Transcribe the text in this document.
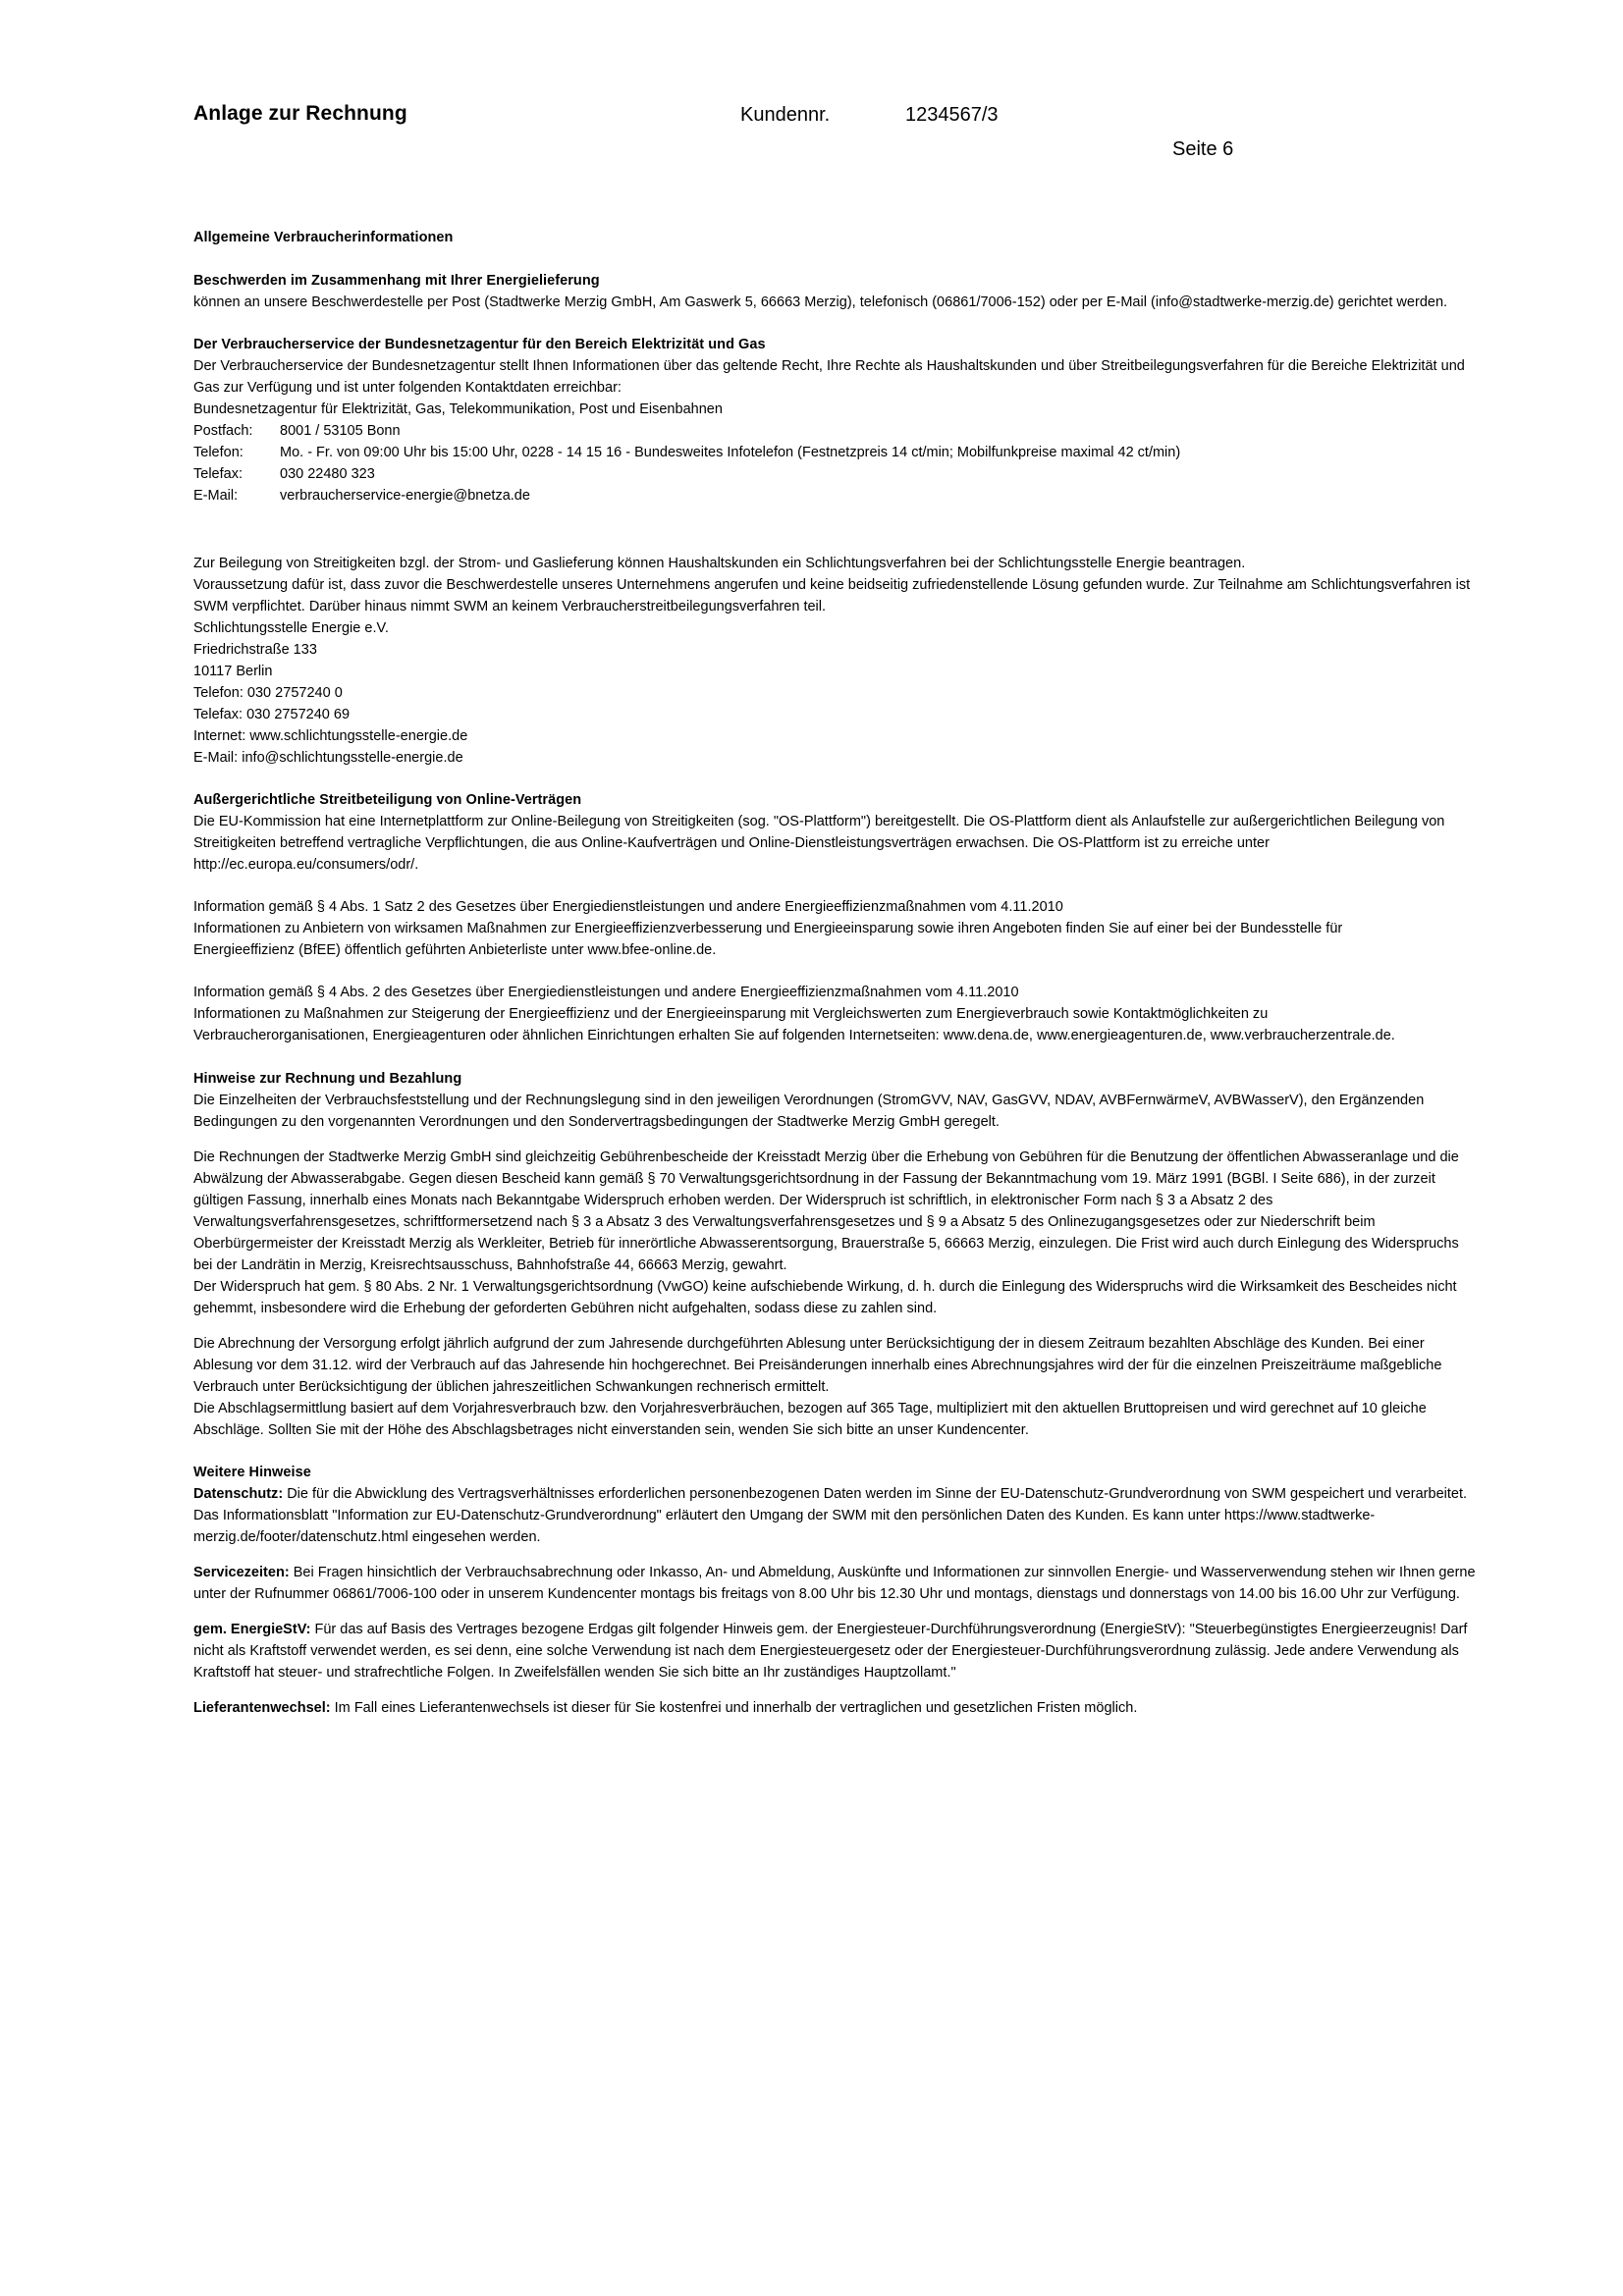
Anlage zur Rechnung	Kundennr.	1234567/3
Seite 6
Allgemeine Verbraucherinformationen
Beschwerden im Zusammenhang mit Ihrer Energielieferung

können an unsere Beschwerdestelle per Post (Stadtwerke Merzig GmbH, Am Gaswerk 5, 66663 Merzig), telefonisch (06861/7006-152) oder per E-Mail (info@stadtwerke-merzig.de) gerichtet werden.

Der Verbraucherservice der Bundesnetzagentur für den Bereich Elektrizität und Gas

Der Verbraucherservice der Bundesnetzagentur stellt Ihnen Informationen über das geltende Recht, Ihre Rechte als Haushaltskunden und über Streitbeilegungsverfahren für die Bereiche Elektrizität und Gas zur Verfügung und ist unter folgenden Kontaktdaten erreichbar:

Bundesnetzagentur für Elektrizität, Gas, Telekommunikation, Post und Eisenbahnen

Postfach:	8001 / 53105 Bonn
Telefon:	Mo. - Fr. von 09:00 Uhr bis 15:00 Uhr, 0228 - 14 15 16 - Bundesweites Infotelefon (Festnetzpreis 14 ct/min; Mobilfunkpreise maximal 42 ct/min)
Telefax:	030 22480 323
E-Mail:	verbraucherservice-energie@bnetza.de

Zur Beilegung von Streitigkeiten bzgl. der Strom- und Gaslieferung können Haushaltskunden ein Schlichtungsverfahren bei der Schlichtungsstelle Energie beantragen.

Voraussetzung dafür ist, dass zuvor die Beschwerdestelle unseres Unternehmens angerufen und keine beidseitig zufriedenstellende Lösung gefunden wurde. Zur Teilnahme am Schlichtungsverfahren ist SWM verpflichtet. Darüber hinaus nimmt SWM an keinem Verbraucherstreitbeilegungsverfahren teil.

Schlichtungsstelle Energie e.V.

Friedrichstraße 133

10117 Berlin

Telefon: 030 2757240 0

Telefax: 030 2757240 69

Internet: www.schlichtungsstelle-energie.de

E-Mail: info@schlichtungsstelle-energie.de

Außergerichtliche Streitbeteiligung von Online-Verträgen

Die EU-Kommission hat eine Internetplattform zur Online-Beilegung von Streitigkeiten (sog. "OS-Plattform") bereitgestellt. Die OS-Plattform dient als Anlaufstelle zur außergerichtlichen Beilegung von Streitigkeiten betreffend vertragliche Verpflichtungen, die aus Online-Kaufverträgen und Online-Dienstleistungsverträgen erwachsen. Die OS-Plattform ist zu erreiche unter http://ec.europa.eu/consumers/odr/.

Information gemäß § 4 Abs. 1 Satz 2 des Gesetzes über Energiedienstleistungen und andere Energieeffizienzmaßnahmen vom 4.11.2010

Informationen zu Anbietern von wirksamen Maßnahmen zur Energieeffizienzverbesserung und Energieeinsparung sowie ihren Angeboten finden Sie auf einer bei der Bundesstelle für

Energieeffizienz (BfEE) öffentlich geführten Anbieterliste unter www.bfee-online.de.

Information gemäß § 4 Abs. 2 des Gesetzes über Energiedienstleistungen und andere Energieeffizienzmaßnahmen vom 4.11.2010

Informationen zu Maßnahmen zur Steigerung der Energieeffizienz und der Energieeinsparung mit Vergleichswerten zum Energieverbrauch sowie Kontaktmöglichkeiten zu

Verbraucherorganisationen, Energieagenturen oder ähnlichen Einrichtungen erhalten Sie auf folgenden Internetseiten: www.dena.de, www.energieagenturen.de, www.verbraucherzentrale.de.

Hinweise zur Rechnung und Bezahlung

Die Einzelheiten der Verbrauchsfeststellung und der Rechnungslegung sind in den jeweiligen Verordnungen (StromGVV, NAV, GasGVV, NDAV, AVBFernwärmeV, AVBWasserV), den Ergänzenden Bedingungen zu den vorgenannten Verordnungen und den Sondervertragsbedingungen der Stadtwerke Merzig GmbH geregelt.

Die Rechnungen der Stadtwerke Merzig GmbH sind gleichzeitig Gebührenbescheide der Kreisstadt Merzig über die Erhebung von Gebühren für die Benutzung der öffentlichen Abwasseranlage und die Abwälzung der Abwasserabgabe. Gegen diesen Bescheid kann gemäß § 70 Verwaltungsgerichtsordnung in der Fassung der Bekanntmachung vom 19. März 1991 (BGBl. I Seite 686), in der zurzeit gültigen Fassung, innerhalb eines Monats nach Bekanntgabe Widerspruch erhoben werden. Der Widerspruch ist schriftlich, in elektronischer Form nach § 3 a Absatz 2 des Verwaltungsverfahrensgesetzes, schriftformersetzend nach § 3 a Absatz 3 des Verwaltungsverfahrensgesetzes und § 9 a Absatz 5 des Onlinezugangsgesetzes oder zur Niederschrift beim Oberbürgermeister der Kreisstadt Merzig als Werkleiter, Betrieb für innerörtliche Abwasserentsorgung, Brauerstraße 5, 66663 Merzig, einzulegen. Die Frist wird auch durch Einlegung des Widerspruchs bei der Landrätin in Merzig, Kreisrechtsausschuss, Bahnhofstraße 44, 66663 Merzig, gewahrt.

Der Widerspruch hat gem. § 80 Abs. 2 Nr. 1 Verwaltungsgerichtsordnung (VwGO) keine aufschiebende Wirkung, d. h. durch die Einlegung des Widerspruchs wird die Wirksamkeit des Bescheides nicht gehemmt, insbesondere wird die Erhebung der geforderten Gebühren nicht aufgehalten, sodass diese zu zahlen sind.

Die Abrechnung der Versorgung erfolgt jährlich aufgrund der zum Jahresende durchgeführten Ablesung unter Berücksichtigung der in diesem Zeitraum bezahlten Abschläge des Kunden. Bei einer Ablesung vor dem 31.12. wird der Verbrauch auf das Jahresende hin hochgerechnet. Bei Preisänderungen innerhalb eines Abrechnungsjahres wird der für die einzelnen Preiszeiträume maßgebliche Verbrauch unter Berücksichtigung der üblichen jahreszeitlichen Schwankungen rechnerisch ermittelt.

Die Abschlagsermittlung basiert auf dem Vorjahresverbrauch bzw. den Vorjahresverbräuchen, bezogen auf 365 Tage, multipliziert mit den aktuellen Bruttopreisen und wird gerechnet auf 10 gleiche Abschläge. Sollten Sie mit der Höhe des Abschlagsbetrages nicht einverstanden sein, wenden Sie sich bitte an unser Kundencenter.

Weitere Hinweise

Datenschutz: Die für die Abwicklung des Vertragsverhältnisses erforderlichen personenbezogenen Daten werden im Sinne der EU-Datenschutz-Grundverordnung von SWM gespeichert und verarbeitet. Das Informationsblatt "Information zur EU-Datenschutz-Grundverordnung" erläutert den Umgang der SWM mit den persönlichen Daten des Kunden. Es kann unter https://www.stadtwerke-merzig.de/footer/datenschutz.html eingesehen werden.

Servicezeiten: Bei Fragen hinsichtlich der Verbrauchsabrechnung oder Inkasso, An- und Abmeldung, Auskünfte und Informationen zur sinnvollen Energie- und Wasserverwendung stehen wir Ihnen gerne unter der Rufnummer 06861/7006-100 oder in unserem Kundencenter montags bis freitags von 8.00 Uhr bis 12.30 Uhr und montags, dienstags und donnerstags von 14.00 bis 16.00 Uhr zur Verfügung.

gem. EnergieStV: Für das auf Basis des Vertrages bezogene Erdgas gilt folgender Hinweis gem. der Energiesteuer-Durchführungsverordnung (EnergieStV): "Steuerbegünstigtes Energieerzeugnis! Darf nicht als Kraftstoff verwendet werden, es sei denn, eine solche Verwendung ist nach dem Energiesteuergesetz oder der Energiesteuer-Durchführungsverordnung zulässig. Jede andere Verwendung als Kraftstoff hat steuer- und strafrechtliche Folgen. In Zweifelsfällen wenden Sie sich bitte an Ihr zuständiges Hauptzollamt."

Lieferantenwechsel: Im Fall eines Lieferantenwechsels ist dieser für Sie kostenfrei und innerhalb der vertraglichen und gesetzlichen Fristen möglich.
